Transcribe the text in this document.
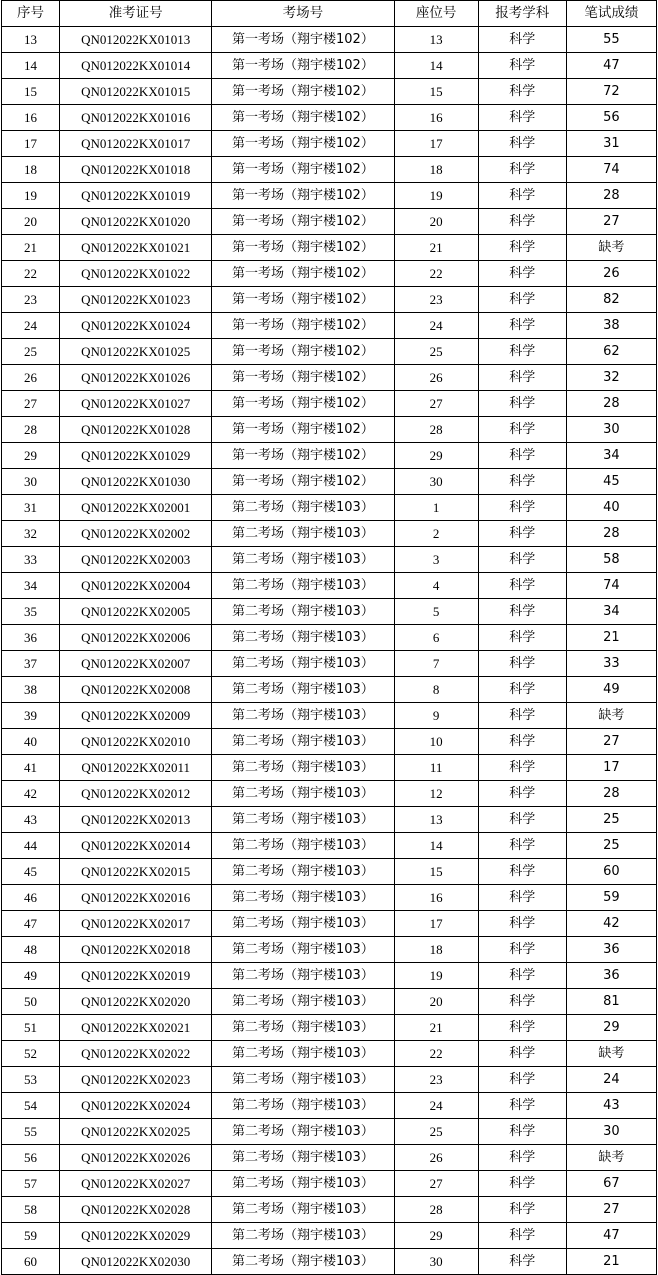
序号	准考证号	考场号	座位号	报考学科	笔试成绩
13	QN012022KX01013	第一考场（翔宇楼102）	13	科学	55
14	QN012022KX01014	第一考场（翔宇楼102）	14	科学	47
15	QN012022KX01015	第一考场（翔宇楼102）	15	科学	72
16	QN012022KX01016	第一考场（翔宇楼102）	16	科学	56
17	QN012022KX01017	第一考场（翔宇楼102）	17	科学	31
18	QN012022KX01018	第一考场（翔宇楼102）	18	科学	74
19	QN012022KX01019	第一考场（翔宇楼102）	19	科学	28
20	QN012022KX01020	第一考场（翔宇楼102）	20	科学	27
21	QN012022KX01021	第一考场（翔宇楼102）	21	科学	缺考
22	QN012022KX01022	第一考场（翔宇楼102）	22	科学	26
23	QN012022KX01023	第一考场（翔宇楼102）	23	科学	82
24	QN012022KX01024	第一考场（翔宇楼102）	24	科学	38
25	QN012022KX01025	第一考场（翔宇楼102）	25	科学	62
26	QN012022KX01026	第一考场（翔宇楼102）	26	科学	32
27	QN012022KX01027	第一考场（翔宇楼102）	27	科学	28
28	QN012022KX01028	第一考场（翔宇楼102）	28	科学	30
29	QN012022KX01029	第一考场（翔宇楼102）	29	科学	34
30	QN012022KX01030	第一考场（翔宇楼102）	30	科学	45
31	QN012022KX02001	第二考场（翔宇楼103）	1	科学	40
32	QN012022KX02002	第二考场（翔宇楼103）	2	科学	28
33	QN012022KX02003	第二考场（翔宇楼103）	3	科学	58
34	QN012022KX02004	第二考场（翔宇楼103）	4	科学	74
35	QN012022KX02005	第二考场（翔宇楼103）	5	科学	34
36	QN012022KX02006	第二考场（翔宇楼103）	6	科学	21
37	QN012022KX02007	第二考场（翔宇楼103）	7	科学	33
38	QN012022KX02008	第二考场（翔宇楼103）	8	科学	49
39	QN012022KX02009	第二考场（翔宇楼103）	9	科学	缺考
40	QN012022KX02010	第二考场（翔宇楼103）	10	科学	27
41	QN012022KX02011	第二考场（翔宇楼103）	11	科学	17
42	QN012022KX02012	第二考场（翔宇楼103）	12	科学	28
43	QN012022KX02013	第二考场（翔宇楼103）	13	科学	25
44	QN012022KX02014	第二考场（翔宇楼103）	14	科学	25
45	QN012022KX02015	第二考场（翔宇楼103）	15	科学	60
46	QN012022KX02016	第二考场（翔宇楼103）	16	科学	59
47	QN012022KX02017	第二考场（翔宇楼103）	17	科学	42
48	QN012022KX02018	第二考场（翔宇楼103）	18	科学	36
49	QN012022KX02019	第二考场（翔宇楼103）	19	科学	36
50	QN012022KX02020	第二考场（翔宇楼103）	20	科学	81
51	QN012022KX02021	第二考场（翔宇楼103）	21	科学	29
52	QN012022KX02022	第二考场（翔宇楼103）	22	科学	缺考
53	QN012022KX02023	第二考场（翔宇楼103）	23	科学	24
54	QN012022KX02024	第二考场（翔宇楼103）	24	科学	43
55	QN012022KX02025	第二考场（翔宇楼103）	25	科学	30
56	QN012022KX02026	第二考场（翔宇楼103）	26	科学	缺考
57	QN012022KX02027	第二考场（翔宇楼103）	27	科学	67
58	QN012022KX02028	第二考场（翔宇楼103）	28	科学	27
59	QN012022KX02029	第二考场（翔宇楼103）	29	科学	47
60	QN012022KX02030	第二考场（翔宇楼103）	30	科学	21
